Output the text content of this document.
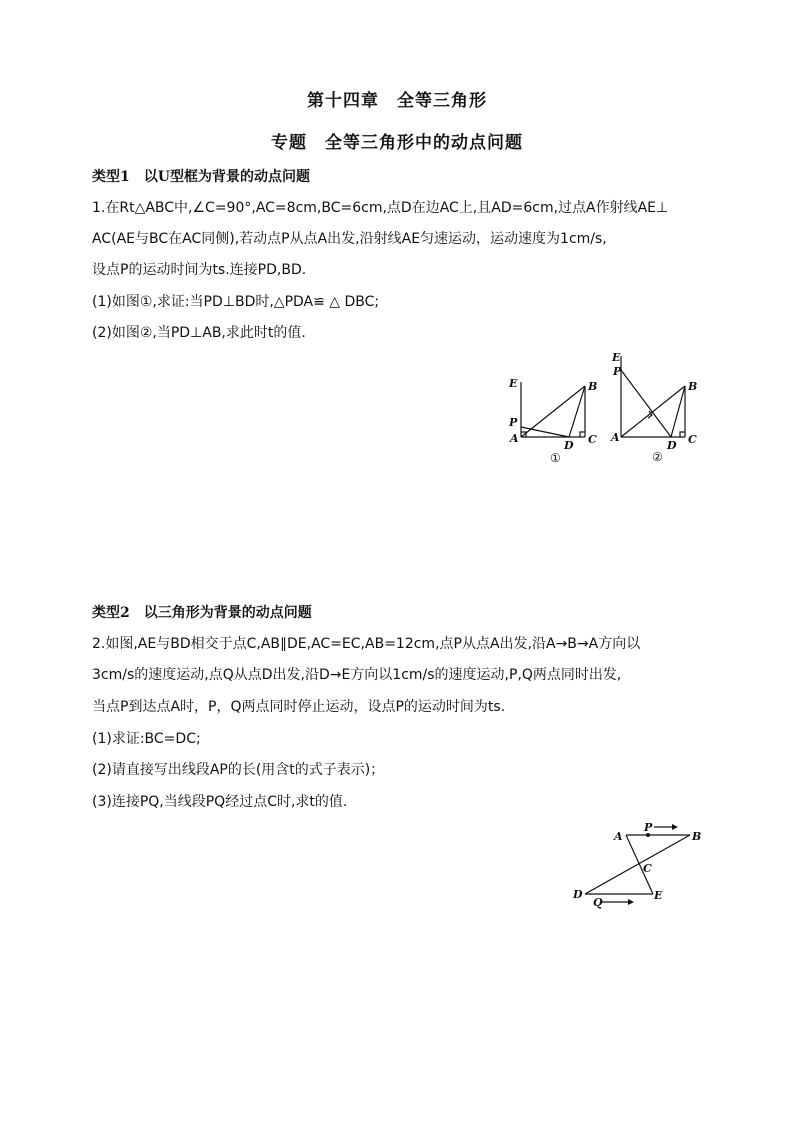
第十四章　全等三角形
专题　全等三角形中的动点问题
类型1　以U型框为背景的动点问题
1.在Rt△ABC中,∠C=90°,AC=8cm,BC=6cm,点D在边AC上,且AD=6cm,过点A作射线AE⊥
AC(AE与BC在AC同侧),若动点P从点A出发,沿射线AE匀速运动，运动速度为1cm/s,
设点P的运动时间为ts.连接PD,BD.
(1)如图①,求证:当PD⊥BD时,△PDA≌ △ DBC;
(2)如图②,当PD⊥AB,求此时t的值.
E	B
P
A
D C
①
E
P
B
A
D C
②
类型2　以三角形为背景的动点问题
2.如图,AE与BD相交于点C,AB∥DE,AC=EC,AB=12cm,点P从点A出发,沿A→B→A方向以
3cm/s的速度运动,点Q从点D出发,沿D→E方向以1cm/s的速度运动,P,Q两点同时出发,
当点P到达点A时，P，Q两点同时停止运动，设点P的运动时间为ts.
(1)求证:BC=DC;
(2)请直接写出线段AP的长(用含t的式子表示)；
(3)连接PQ,当线段PQ经过点C时,求t的值.
A
P
B
C
D
Q
E
